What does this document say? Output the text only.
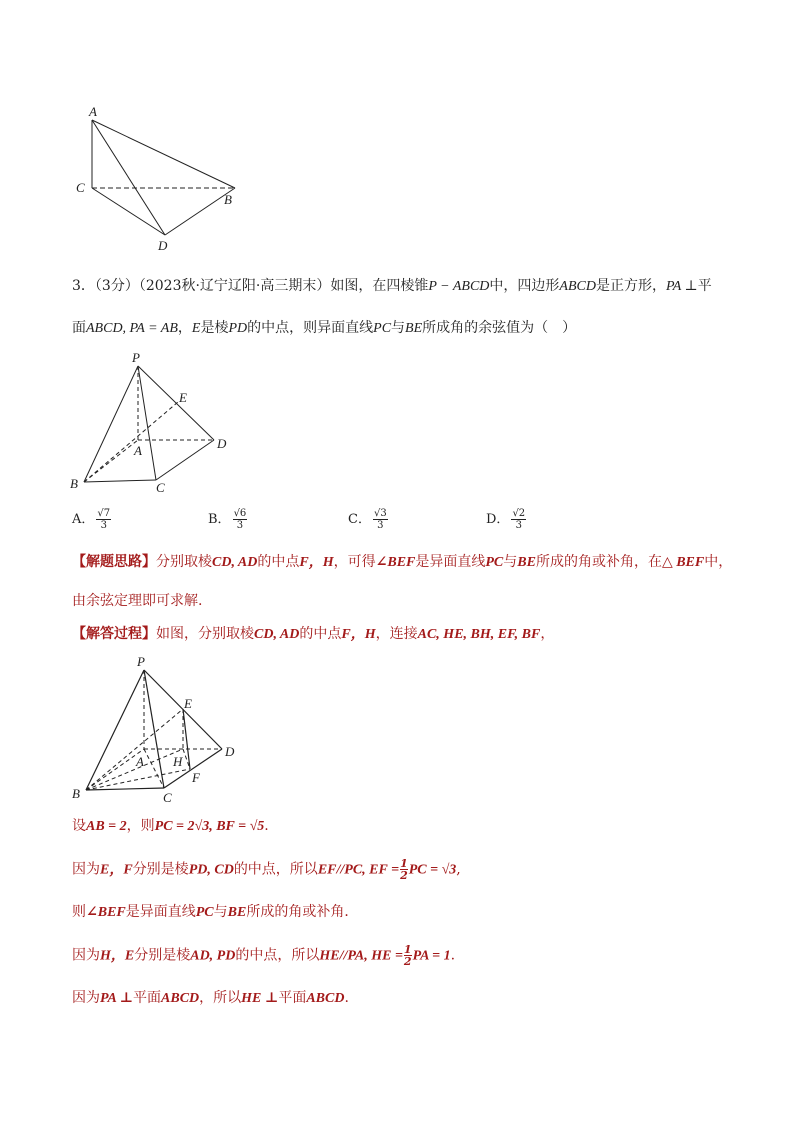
A
C
B
D
3．（3分）（2023秋·辽宁辽阳·高三期末）如图，在四棱锥P − ABCD中，四边形ABCD是正方形，PA ⊥平
面ABCD, PA = AB，E是棱PD的中点，则异面直线PC与BE所成角的余弦值为（　）
P
E
A	D
B	C
A． $\frac{√7}{3}$	B． $\frac{√6}{3}$	C． $\frac{√3}{3}$	D． $\frac{√2}{3}$
【解题思路】分别取棱CD, AD的中点F，H，可得∠BEF是异面直线PC与BE所成的角或补角，在△ BEF中，
由余弦定理即可求解.
【解答过程】如图，分别取棱CD, AD的中点F，H，连接AC, HE, BH, EF, BF，
P
E
A H
F
D
B	C
设AB = 2，则PC = 2√3, BF = √5.
因为E，F分别是棱PD, CD的中点，所以EF//PC, EF = $\frac{1}{2}PC = √3$,
则∠BEF是异面直线PC与BE所成的角或补角．
因为H，E分别是棱AD, PD的中点，所以HE//PA, HE = $\frac{1}{2}PA = 1$.
因为PA ⊥平面ABCD，所以HE ⊥平面ABCD.
